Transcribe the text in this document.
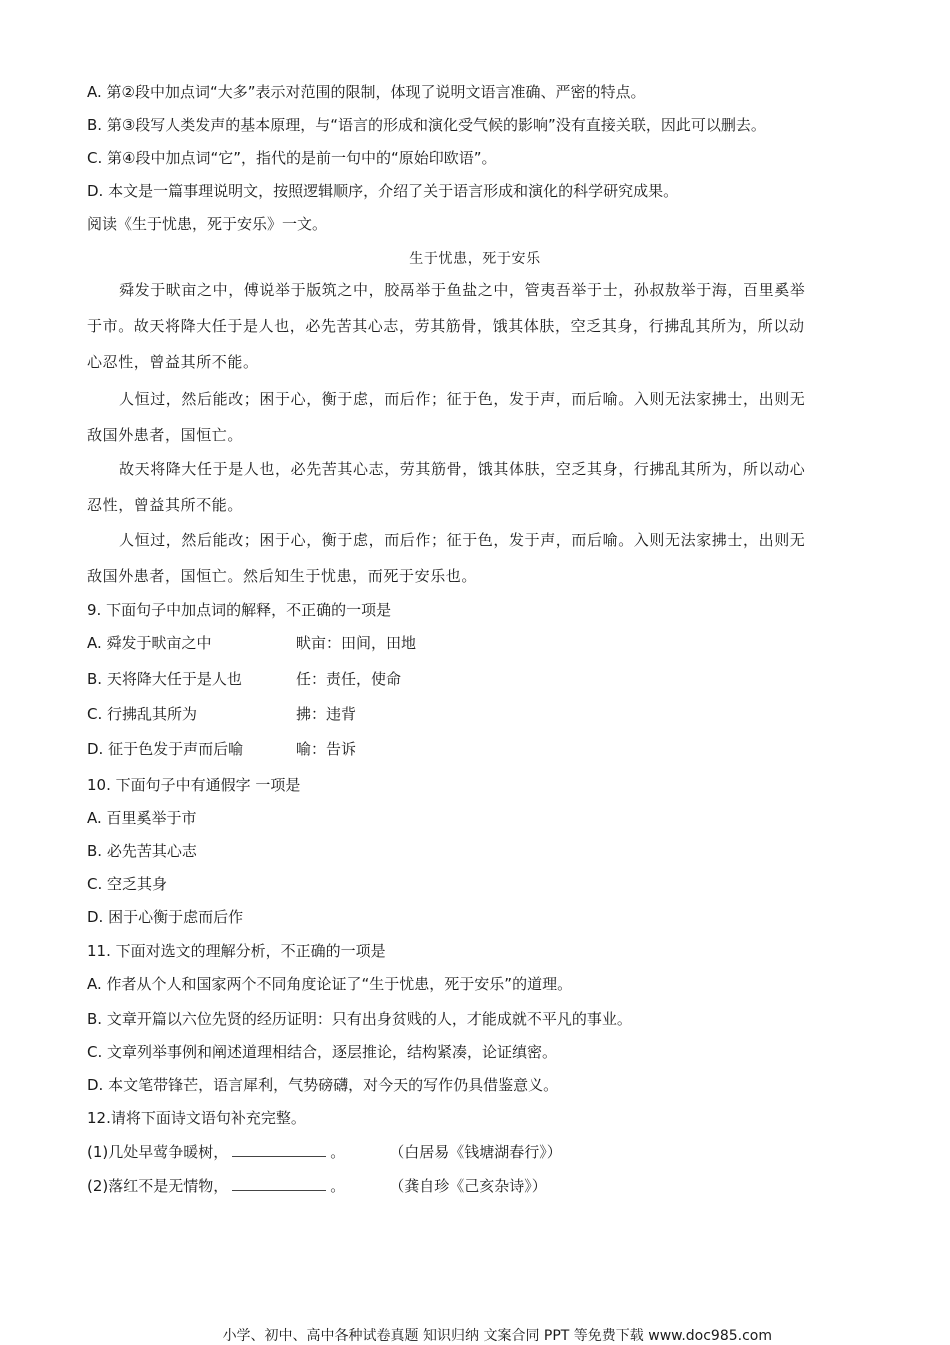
A. 第②段中加点词“大多”表示对范围的限制，体现了说明文语言准确、严密的特点。
B. 第③段写人类发声的基本原理，与“语言的形成和演化受气候的影响”没有直接关联，因此可以删去。
C. 第④段中加点词“它”，指代的是前一句中的“原始印欧语”。
D. 本文是一篇事理说明文，按照逻辑顺序，介绍了关于语言形成和演化的科学研究成果。
阅读《生于忧患，死于安乐》一文。
生于忧患，死于安乐
舜发于畎亩之中，傅说举于版筑之中，胶鬲举于鱼盐之中，管夷吾举于士，孙叔敖举于海，百里奚举
于市。故天将降大任于是人也，必先苦其心志，劳其筋骨，饿其体肤，空乏其身，行拂乱其所为，所以动
心忍性，曾益其所不能。
人恒过，然后能改；困于心，衡于虑，而后作；征于色，发于声，而后喻。入则无法家拂士，出则无
敌国外患者，国恒亡。
故天将降大任于是人也，必先苦其心志，劳其筋骨，饿其体肤，空乏其身，行拂乱其所为，所以动心
忍性，曾益其所不能。
人恒过，然后能改；困于心，衡于虑，而后作；征于色，发于声，而后喻。入则无法家拂士，出则无
敌国外患者，国恒亡。然后知生于忧患，而死于安乐也。
9. 下面句子中加点词的解释，不正确的一项是
A. 舜发于畎亩之中	畎亩：田间，田地
B. 天将降大任于是人也	任：责任，使命
C. 行拂乱其所为	拂：违背
D. 征于色发于声而后喻	喻：告诉
10. 下面句子中有通假字 一项是
A. 百里奚举于市
B. 必先苦其心志
C. 空乏其身
D. 困于心衡于虑而后作
11. 下面对选文的理解分析，不正确的一项是
A. 作者从个人和国家两个不同角度论证了“生于忧患，死于安乐”的道理。
B. 文章开篇以六位先贤的经历证明：只有出身贫贱的人，才能成就不平凡的事业。
C. 文章列举事例和阐述道理相结合，逐层推论，结构紧凑，论证缜密。
D. 本文笔带锋芒，语言犀利，气势磅礴，对今天的写作仍具借鉴意义。
12.请将下面诗文语句补充完整。
(1)几处早莺争暖树，	。	（白居易《钱塘湖春行》）
(2)落红不是无情物，	。	（龚自珍《己亥杂诗》）
小学、初中、高中各种试卷真题 知识归纳 文案合同 PPT 等免费下载 www.doc985.com
